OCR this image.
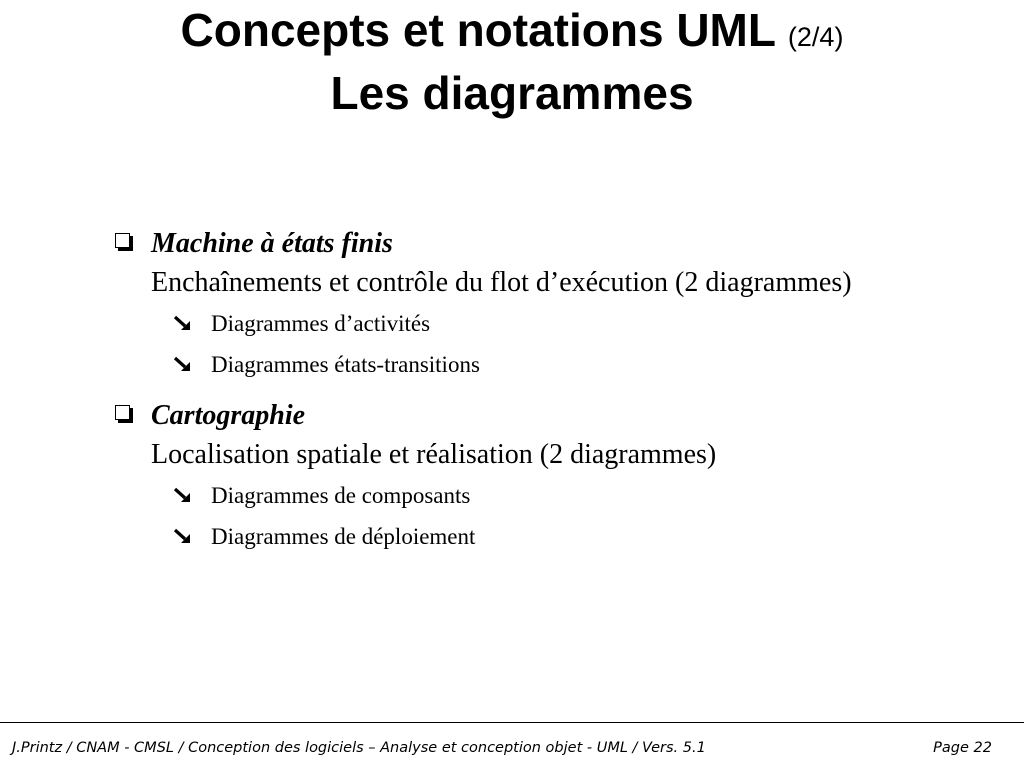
Concepts et notations UML (2/4)
Les diagrammes
Machine à états finis
Enchaînements et contrôle du flot d’exécution (2 diagrammes)
Diagrammes d’activités
Diagrammes états-transitions
Cartographie
Localisation spatiale et réalisation (2 diagrammes)
Diagrammes de composants
Diagrammes de déploiement
J.Printz / CNAM - CMSL / Conception des logiciels – Analyse et conception objet - UML / Vers. 5.1	Page 22
